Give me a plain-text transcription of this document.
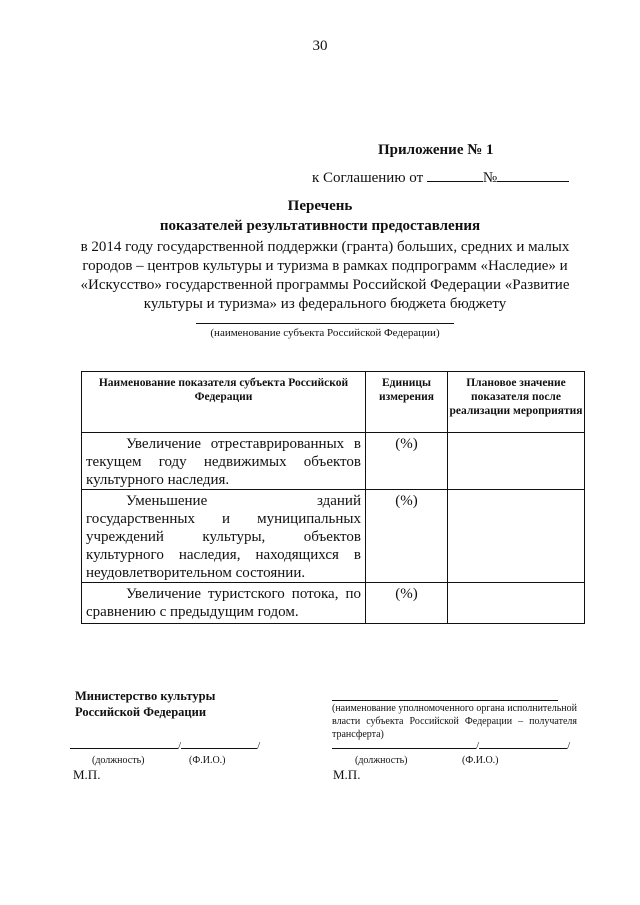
30
Приложение № 1
к Соглашению от	№
Перечень
показателей результативности предоставления
в 2014 году государственной поддержки (гранта) больших, средних и малых городов – центров культуры и туризма в рамках подпрограмм «Наследие» и «Искусство» государственной программы Российской Федерации «Развитие культуры и туризма» из федерального бюджета бюджету
(наименование субъекта Российской Федерации)
Наименование показателя субъекта Российской Федерации	Единицы измерения	Плановое значение показателя после реализации мероприятия
Увеличение отреставрированных в текущем году недвижимых объектов культурного наследия.	(%)	
Уменьшение зданий государственных и муниципальных учреждений культуры, объектов культурного наследия, находящихся в неудовлетворительном состоянии.	(%)	
Увеличение туристского потока, по сравнению с предыдущим годом.	(%)	
Министерство культуры
Российской Федерации
/	/
(должность)	(Ф.И.О.)
М.П.
(наименование уполномоченного органа исполнительной власти субъекта Российской Федерации – получателя трансферта)
/	/
(должность)	(Ф.И.О.)
М.П.
